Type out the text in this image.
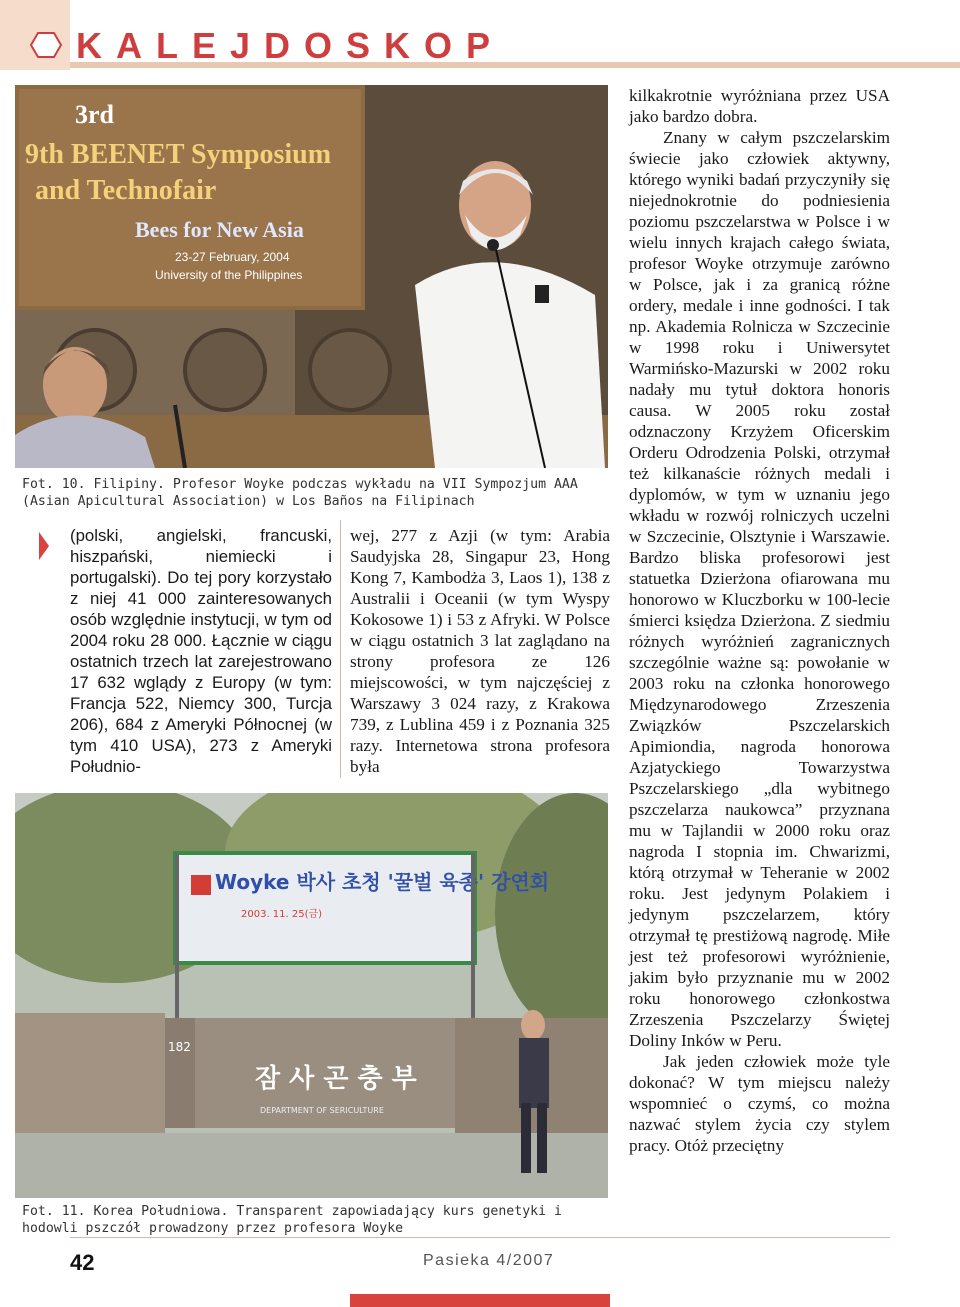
KALEJDOSKOP
3rd
9th BEENET Symposium
and Technofair
Bees for New Asia
23-27 February, 2004
University of the Philippines
Fot. 10. Filipiny. Profesor Woyke podczas wykładu na VII Sympozjum AAA (Asian Apicultural Association) w Los Baños na Filipinach

(polski, angielski, francuski, hiszpański, niemiecki i portugalski). Do tej pory korzystało z niej 41 000 zainteresowanych osób względnie instytucji, w tym od 2004 roku 28 000. Łącznie w ciągu ostatnich trzech lat zarejestrowano 17 632 wglądy z Europy (w tym: Francja 522, Niemcy 300, Turcja 206), 684 z Ameryki Północnej (w tym 410 USA), 273 z Ameryki Południo-

wej, 277 z Azji (w tym: Arabia Saudyjska 28, Singapur 23, Hong Kong 7, Kambodża 3, Laos 1), 138 z Australii i Oceanii (w tym Wyspy Kokosowe 1) i 53 z Afryki. W Polsce w ciągu ostatnich 3 lat zaglądano na strony profesora ze 126 miejscowości, w tym najczęściej z Warszawy 3 024 razy, z Krakowa 739, z Lublina 459 i z Poznania 325 razy. Internetowa strona profesora była

kilkakrotnie wyróżniana przez USA jako bardzo dobra.

Znany w całym pszczelarskim świecie jako człowiek aktywny, którego wyniki badań przyczyniły się niejednokrotnie do podniesienia poziomu pszczelarstwa w Polsce i w wielu innych krajach całego świata, profesor Woyke otrzymuje zarówno w Polsce, jak i za granicą różne ordery, medale i inne godności. I tak np. Akademia Rolnicza w Szczecinie w 1998 roku i Uniwersytet Warmińsko-Mazurski w 2002 roku nadały mu tytuł doktora honoris causa. W 2005 roku został odznaczony Krzyżem Oficerskim Orderu Odrodzenia Polski, otrzymał też kilkanaście różnych medali i dyplomów, w tym w uznaniu jego wkładu w rozwój rolniczych uczelni w Szczecinie, Olsztynie i Warszawie. Bardzo bliska profesorowi jest statuetka Dzierżona ofiarowana mu honorowo w Kluczborku w 100-lecie śmierci księdza Dzierżona. Z siedmiu różnych wyróżnień zagranicznych szczególnie ważne są: powołanie w 2003 roku na członka honorowego Międzynarodowego Zrzeszenia Związków Pszczelarskich Apimiondia, nagroda honorowa Azjatyckiego Towarzystwa Pszczelarskiego „dla wybitnego pszczelarza naukowca” przyznana mu w Tajlandii w 2000 roku oraz nagroda I stopnia im. Chwarizmi, którą otrzymał w Teheranie w 2002 roku. Jest jedynym Polakiem i jedynym pszczelarzem, który otrzymał tę prestiżową nagrodę. Miłe jest też profesorowi wyróżnienie, jakim było przyznanie mu w 2002 roku honorowego członkostwa Zrzeszenia Pszczelarzy Świętej Doliny Inków w Peru.

Jak jeden człowiek może tyle dokonać? W tym miejscu należy wspomnieć o czymś, co można nazwać stylem życia czy stylem pracy. Otóż przeciętny

Woyke 박사 초청 '꿀벌 육종' 강연회
2003. 11. 25(금)
182
잠 사 곤 충 부
DEPARTMENT OF SERICULTURE
Fot. 11. Korea Południowa. Transparent zapowiadający kurs genetyki i hodowli pszczół prowadzony przez profesora Woyke
42	Pasieka 4/2007
